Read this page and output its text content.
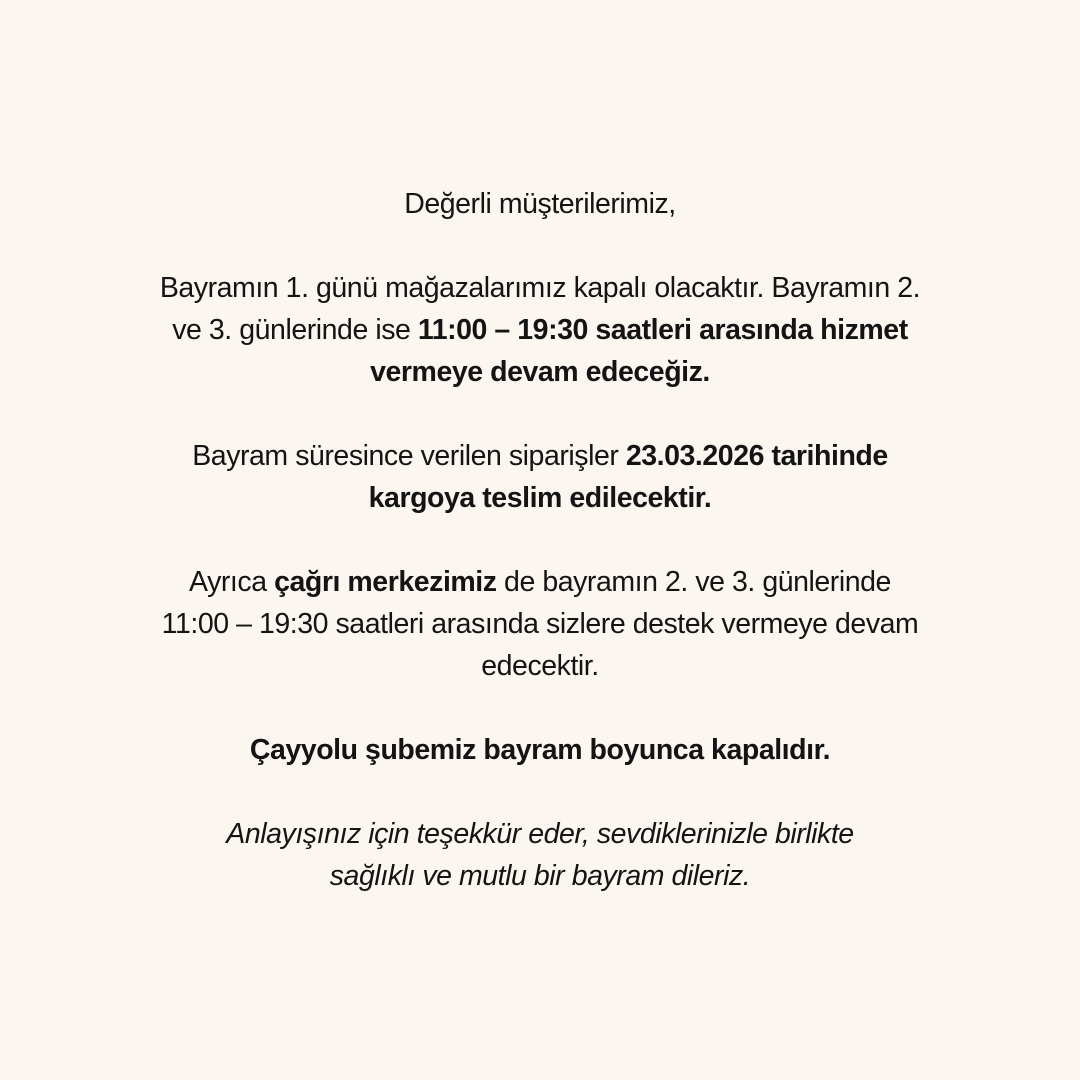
Değerli müşterilerimiz,

Bayramın 1. günü mağazalarımız kapalı olacaktır. Bayramın 2.
ve 3. günlerinde ise 11:00 – 19:30 saatleri arasında hizmet
vermeye devam edeceğiz.

Bayram süresince verilen siparişler 23.03.2026 tarihinde
kargoya teslim edilecektir.

Ayrıca çağrı merkezimiz de bayramın 2. ve 3. günlerinde
11:00 – 19:30 saatleri arasında sizlere destek vermeye devam
edecektir.

Çayyolu şubemiz bayram boyunca kapalıdır.

Anlayışınız için teşekkür eder, sevdiklerinizle birlikte
sağlıklı ve mutlu bir bayram dileriz.
